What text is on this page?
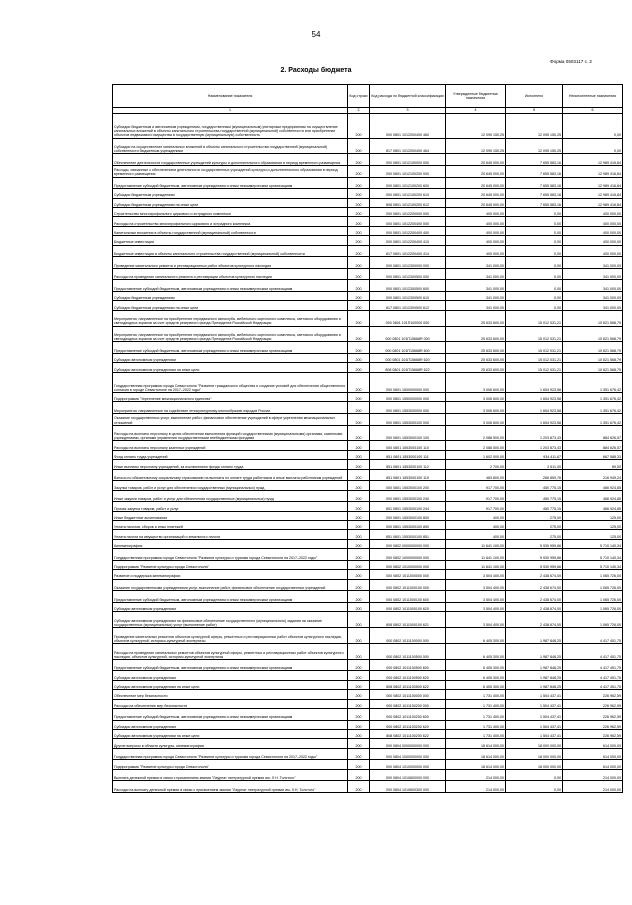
54
Форма 0503117 с. 2
2. Расходы бюджета
Наименование показателя	Код строки	Код расхода по бюджетной классификации	Утвержденные бюджетные назначения	Исполнено	Неисполненные назначения
1	2	3	4	5	6
Субсидии бюджетным и автономным учреждениям, государственным (муниципальным) унитарным предприятиям на осуществление капитальных вложений в объекты капитального строительства государственной (муниципальной) собственности или приобретение объектов недвижимого имущества в государственную (муниципальную) собственность	200	000 0801 1012000400 460	12 095 150,25	12 095 150,25	0,00
Субсидии на осуществление капитальных вложений в объекты капитального строительства государственной (муниципальной) собственности бюджетным учреждениям	200	817 0801 1012000400 464	12 095 150,25	12 095 150,25	0,00
Обеспечение деятельности государственных учреждений культуры и дополнительного образования в период временного размещения	200	000 0801 1012100000 000	20 645 000,00	7 655 583,16	12 989 416,84
Расходы, связанные с обеспечением деятельности государственных учреждений культуры и дополнительного образования в период временного размещения	200	000 0801 1012100200 000	20 645 000,00	7 655 583,16	12 989 416,84
Предоставление субсидий бюджетным, автономным учреждениям и иным некоммерческим организациям	200	000 0801 1012100200 600	20 645 000,00	7 655 583,16	12 989 416,84
Субсидии бюджетным учреждениям	200	000 0801 1012100200 610	20 645 000,00	7 655 583,16	12 989 416,84
Субсидии бюджетным учреждениям на иные цели	200	808 0801 1012100200 612	20 645 000,00	7 655 583,16	12 989 416,84
Строительство многопрофильного циркового и эстрадного комплекса	200	000 0801 1012200000 000	400 000,00	0,00	400 000,00
Расходы на строительство многопрофильного циркового и эстрадного комплекса	200	000 0801 1012200400 000	400 000,00	0,00	400 000,00
Капитальные вложения в объекты государственной (муниципальной) собственности	200	000 0801 1012200400 400	400 000,00	0,00	400 000,00
Бюджетные инвестиции	200	000 0801 1012200400 410	400 000,00	0,00	400 000,00
Бюджетные инвестиции в объекты капитального строительства государственной (муниципальной) собственности	200	817 0801 1012200400 414	400 000,00	0,00	400 000,00
Проведение капитального ремонта и реставрационных работ объектов культурного наследия	200	000 0801 1012300000 000	341 000,00	0,00	341 000,00
Расходы на проведение капитального ремонта и реставрации объектов культурного наследия	200	000 0801 1012300500 000	341 000,00	0,00	341 000,00
Предоставление субсидий бюджетным, автономным учреждениям и иным некоммерческим организациям	200	000 0801 1012300500 600	341 000,00	0,00	341 000,00
Субсидии бюджетным учреждениям	200	000 0801 1012300500 610	341 000,00	0,00	341 000,00
Субсидии бюджетным учреждениям на иные цели	200	817 0801 1012300500 612	341 000,00	0,00	341 000,00
Мероприятия, направленные на приобретение передвижного автоклуба, мебельного оценочного комплекса, светового оборудования и светодиодных экранов за счет средств резервного фонда Президента Российской Федерации	200	000 0801 101П100000 000	25 633 600,00	15 012 031,21	10 621 568,79
Мероприятия, направленные на приобретение передвижного автоклуба, мебельного оценочного комплекса, светового оборудования и светодиодных экранов за счет средств резервного фонда Президента Российской Федерации	200	000 0801 101П15668R 000	25 633 600,00	15 012 031,21	10 621 568,79
Предоставление субсидий бюджетным, автономным учреждениям и иным некоммерческим организациям	200	000 0801 101П15668R 600	25 633 600,00	15 012 031,21	10 621 568,79
Субсидии автономным учреждениям	200	000 0801 101П15668R 620	25 633 600,00	15 012 031,21	10 621 568,79
Субсидии автономным учреждениям на иные цели	200	808 0801 101П15668R 622	25 633 600,00	15 012 031,21	10 621 568,79
Государственная программа города Севастополя "Развитие гражданского общества и создание условий для обеспечения общественного согласия в городе Севастополе на 2017–2022 годы"	200	000 0801 1500000000 000	3 006 600,00	1 654 923,58	1 351 676,42
Подпрограмма "Укрепление межнационального единства"	200	000 0801 1550000000 000	3 006 600,00	1 654 923,58	1 351 676,42
Мероприятия, направленные на содействие этнокультурному многообразию народов России	200	000 0801 1553000000 000	3 006 600,00	1 654 923,58	1 351 676,42
Оказание государственных услуг, выполнение работ, финансовое обеспечение учреждений в сфере укрепления межнациональных отношений	200	000 0801 1553000100 000	3 006 600,00	1 654 923,58	1 351 676,42
Расходы на выплаты персоналу в целях обеспечения выполнения функций государственными (муниципальными) органами, казенными учреждениями, органами управления государственными внебюджетными фондами	200	000 0801 1553000100 100	2 088 500,00	1 203 873,43	884 626,57
Расходы на выплаты персоналу казенных учреждений	200	000 0801 1553000100 110	2 088 500,00	1 203 873,43	884 626,57
Фонд оплаты труда учреждений	200	851 0801 1553000100 111	1 602 000,00	934 411,67	667 588,33
Иные выплаты персоналу учреждений, за исключением фонда оплаты труда	200	851 0801 1553000100 112	2 700,00	2 611,00	89,00
Взносы по обязательному социальному страхованию на выплаты по оплате труда работников и иные выплаты работникам учреждений	200	851 0801 1553000100 119	483 800,00	266 850,76	216 949,24
Закупка товаров, работ и услуг для обеспечения государственных (муниципальных) нужд	200	000 0801 1553000100 200	917 700,00	450 775,15	466 924,85
Иные закупки товаров, работ и услуг для обеспечения государственных (муниципальных) нужд	200	000 0801 1553000100 240	917 700,00	450 775,15	466 924,85
Прочая закупка товаров, работ и услуг	200	851 0801 1553000100 244	917 700,00	450 775,15	466 924,85
Иные бюджетные ассигнования	200	000 0801 1553000100 800	400,00	275,00	125,00
Уплата налогов, сборов и иных платежей	200	000 0801 1553000100 850	400,00	275,00	125,00
Уплата налога на имущество организаций и земельного налога	200	851 0801 1553000100 851	400,00	275,00	125,00
Кинематография	200	000 0802 0000000000 000	11 641 100,00	5 930 959,66	5 710 140,34
Государственная программа города Севастополя "Развитие культуры и туризма города Севастополя на 2017–2022 годы"	200	000 0802 1000000000 000	11 641 100,00	5 930 959,66	5 710 140,34
Подпрограмма "Развитие культуры города Севастополя"	200	000 0802 1010000000 000	11 641 100,00	5 930 959,66	5 710 140,34
Развитие и поддержка кинематографии	200	000 0802 1011000000 000	3 504 400,00	2 438 674,00	1 065 726,00
Оказание государственными учреждениями услуг, выполнение работ, финансовое обеспечение государственных учреждений	200	000 0802 1011000100 000	3 504 400,00	2 438 674,00	1 065 726,00
Предоставление субсидий бюджетным, автономным учреждениям и иным некоммерческим организациям	200	000 0802 1011000100 600	3 504 400,00	2 438 674,00	1 065 726,00
Субсидии автономным учреждениям	200	000 0802 1011000100 620	3 504 400,00	2 438 674,00	1 065 726,00
Субсидии автономным учреждениям на финансовое обеспечение государственного (муниципального) задания на оказание государственных (муниципальных) услуг (выполнение работ)	200	808 0802 1011000100 621	3 504 400,00	2 438 674,00	1 065 726,00
Проведение капитальных ремонтов объектов культурной сферы, ремонтных и реставрационных работ объектов культурного наследия, объектов культурной, историко-культурной экспертизы	200	000 0802 1011100000 000	6 405 300,00	1 987 848,25	4 417 451,75
Расходы на проведение капитальных ремонтов объектов культурной сферы, ремонтных и реставрационных работ объектов культурного наследия, объектов культурной, историко-культурной экспертизы	200	000 0802 1011100500 000	6 405 300,00	1 987 848,25	4 417 451,75
Предоставление субсидий бюджетным, автономным учреждениям и иным некоммерческим организациям	200	000 0802 1011100500 600	6 405 300,00	1 987 848,25	4 417 451,75
Субсидии автономным учреждениям	200	000 0802 1011100500 620	6 405 300,00	1 987 848,25	4 417 451,75
Субсидии автономным учреждениям на иные цели	200	808 0802 1011100500 622	6 405 300,00	1 987 848,25	4 417 451,75
Обеспечение мер безопасности	200	000 0802 1011100000 000	1 731 400,00	1 504 437,41	226 962,59
Расходы на обеспечение мер безопасности	200	000 0802 1011100200 000	1 731 400,00	1 504 437,41	226 962,59
Предоставление субсидий бюджетным, автономным учреждениям и иным некоммерческим организациям	200	000 0802 1011100200 600	1 731 400,00	1 504 437,41	226 962,59
Субсидии автономным учреждениям	200	000 0802 1011100200 620	1 731 400,00	1 504 437,41	226 962,59
Субсидии автономным учреждениям на иные цели	200	808 0802 1011100200 622	1 731 400,00	1 504 437,41	226 962,59
Другие вопросы в области культуры, кинематографии	200	000 0804 0000000000 000	18 614 000,00	18 000 000,00	614 000,00
Государственная программа города Севастополя "Развитие культуры и туризма города Севастополя на 2017–2022 годы"	200	000 0804 1000000000 000	18 614 000,00	18 000 000,00	614 000,00
Подпрограмма "Развитие культуры города Севастополя"	200	000 0804 1010000000 000	18 614 000,00	18 000 000,00	614 000,00
Выплата денежной премии в связи с присвоением звания "Лауреат литературной премии им. Л.Н. Толстого"	200	000 0804 1010600000 000	214 000,00	0,00	214 000,00
Расходы на выплату денежной премии в связи с присвоением звания "Лауреат литературной премии им. Л.Н. Толстого"	200	000 0804 1010600300 000	214 000,00	0,00	214 000,00
